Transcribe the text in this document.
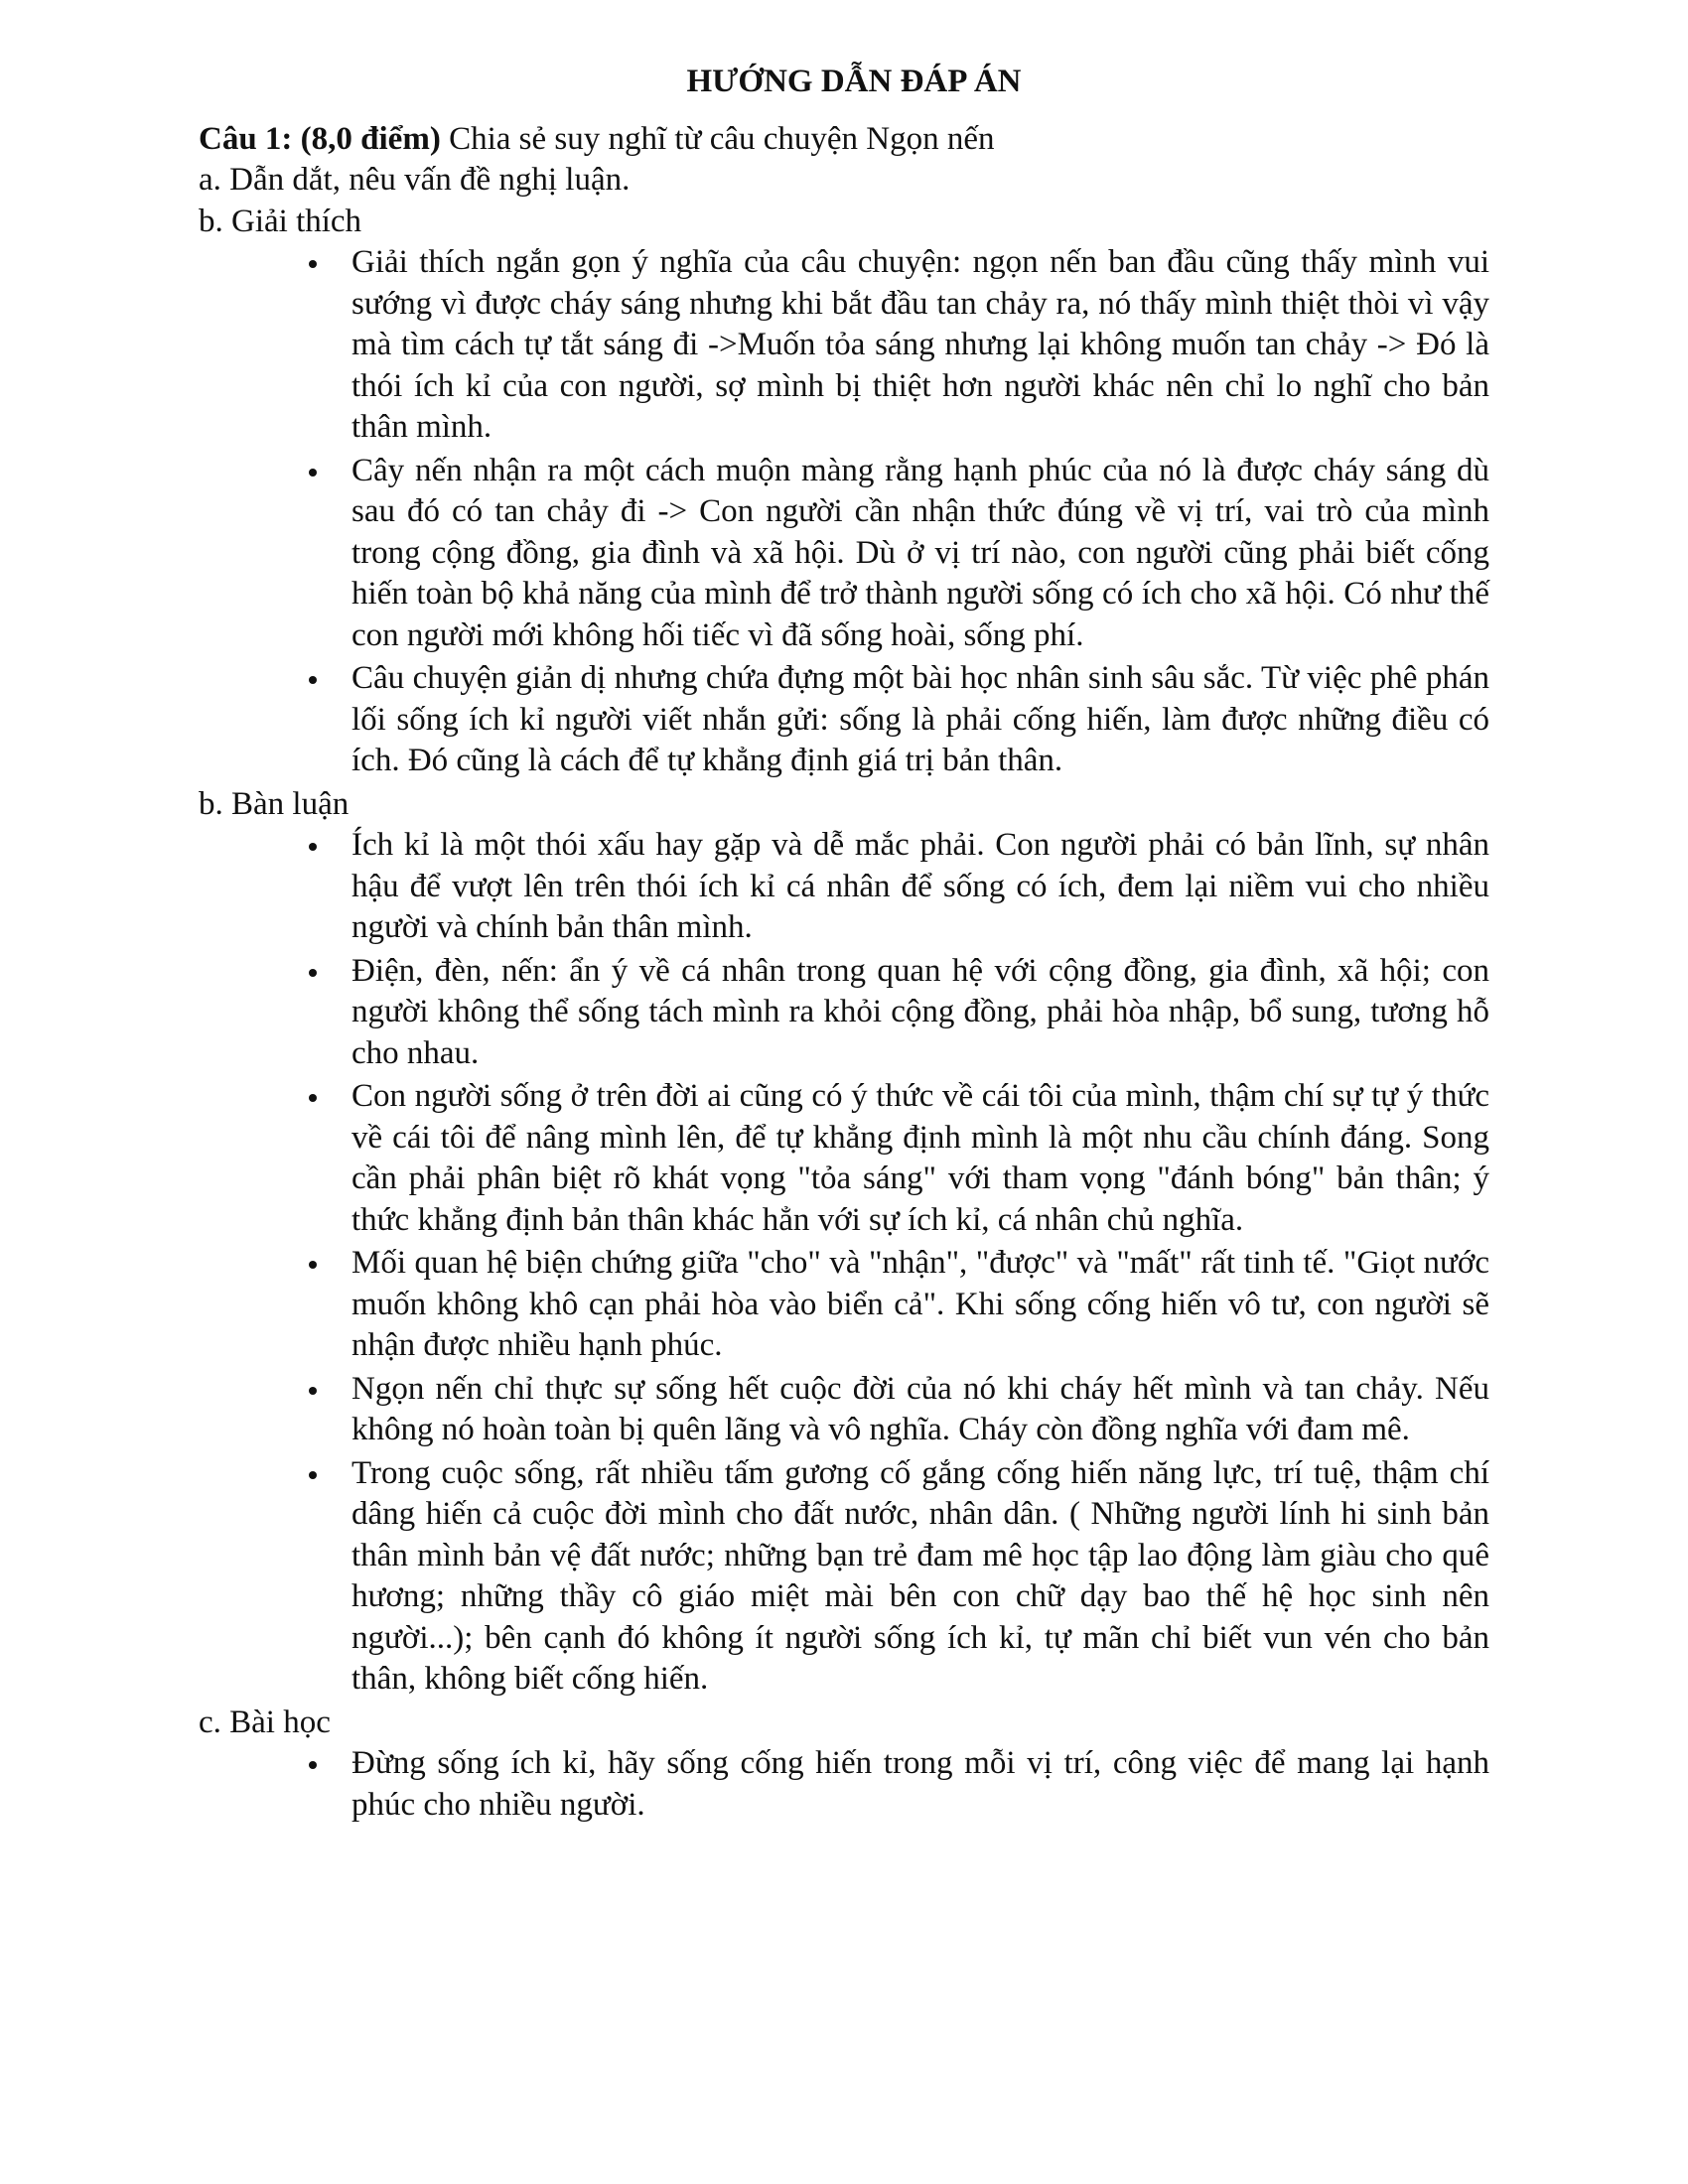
HƯỚNG DẪN ĐÁP ÁN
Câu 1: (8,0 điểm) Chia sẻ suy nghĩ từ câu chuyện Ngọn nến
a. Dẫn dắt, nêu vấn đề nghị luận.
b. Giải thích
Giải thích ngắn gọn ý nghĩa của câu chuyện: ngọn nến ban đầu cũng thấy mình vui sướng vì được cháy sáng nhưng khi bắt đầu tan chảy ra, nó thấy mình thiệt thòi vì vậy mà tìm cách tự tắt sáng đi ->Muốn tỏa sáng nhưng lại không muốn tan chảy -> Đó là thói ích kỉ của con người, sợ mình bị thiệt hơn người khác nên chỉ lo nghĩ cho bản thân mình.
Cây nến nhận ra một cách muộn màng rằng hạnh phúc của nó là được cháy sáng dù sau đó có tan chảy đi -> Con người cần nhận thức đúng về vị trí, vai trò của mình trong cộng đồng, gia đình và xã hội. Dù ở vị trí nào, con người cũng phải biết cống hiến toàn bộ khả năng của mình để trở thành người sống có ích cho xã hội. Có như thế con người mới không hối tiếc vì đã sống hoài, sống phí.
Câu chuyện giản dị nhưng chứa đựng một bài học nhân sinh sâu sắc. Từ việc phê phán lối sống ích kỉ người viết nhắn gửi: sống là phải cống hiến, làm được những điều có ích. Đó cũng là cách để tự khẳng định giá trị bản thân.
b. Bàn luận
Ích kỉ là một thói xấu hay gặp và dễ mắc phải. Con người phải có bản lĩnh, sự nhân hậu để vượt lên trên thói ích kỉ cá nhân để sống có ích, đem lại niềm vui cho nhiều người và chính bản thân mình.
Điện, đèn, nến: ẩn ý về cá nhân trong quan hệ với cộng đồng, gia đình, xã hội; con người không thể sống tách mình ra khỏi cộng đồng, phải hòa nhập, bổ sung, tương hỗ cho nhau.
Con người sống ở trên đời ai cũng có ý thức về cái tôi của mình, thậm chí sự tự ý thức về cái tôi để nâng mình lên, để tự khẳng định mình là một nhu cầu chính đáng. Song cần phải phân biệt rõ khát vọng "tỏa sáng" với tham vọng "đánh bóng" bản thân; ý thức khẳng định bản thân khác hẳn với sự ích kỉ, cá nhân chủ nghĩa.
Mối quan hệ biện chứng giữa "cho" và "nhận", "được" và "mất" rất tinh tế. "Giọt nước muốn không khô cạn phải hòa vào biển cả". Khi sống cống hiến vô tư, con người sẽ nhận được nhiều hạnh phúc.
Ngọn nến chỉ thực sự sống hết cuộc đời của nó khi cháy hết mình và tan chảy. Nếu không nó hoàn toàn bị quên lãng và vô nghĩa. Cháy còn đồng nghĩa với đam mê.
Trong cuộc sống, rất nhiều tấm gương cố gắng cống hiến năng lực, trí tuệ, thậm chí dâng hiến cả cuộc đời mình cho đất nước, nhân dân. ( Những người lính hi sinh bản thân mình bản vệ đất nước; những bạn trẻ đam mê học tập lao động làm giàu cho quê hương; những thầy cô giáo miệt mài bên con chữ dạy bao thế hệ học sinh nên người...); bên cạnh đó không ít người sống ích kỉ, tự mãn chỉ biết vun vén cho bản thân, không biết cống hiến.
c. Bài học
Đừng sống ích kỉ, hãy sống cống hiến trong mỗi vị trí, công việc để mang lại hạnh phúc cho nhiều người.
